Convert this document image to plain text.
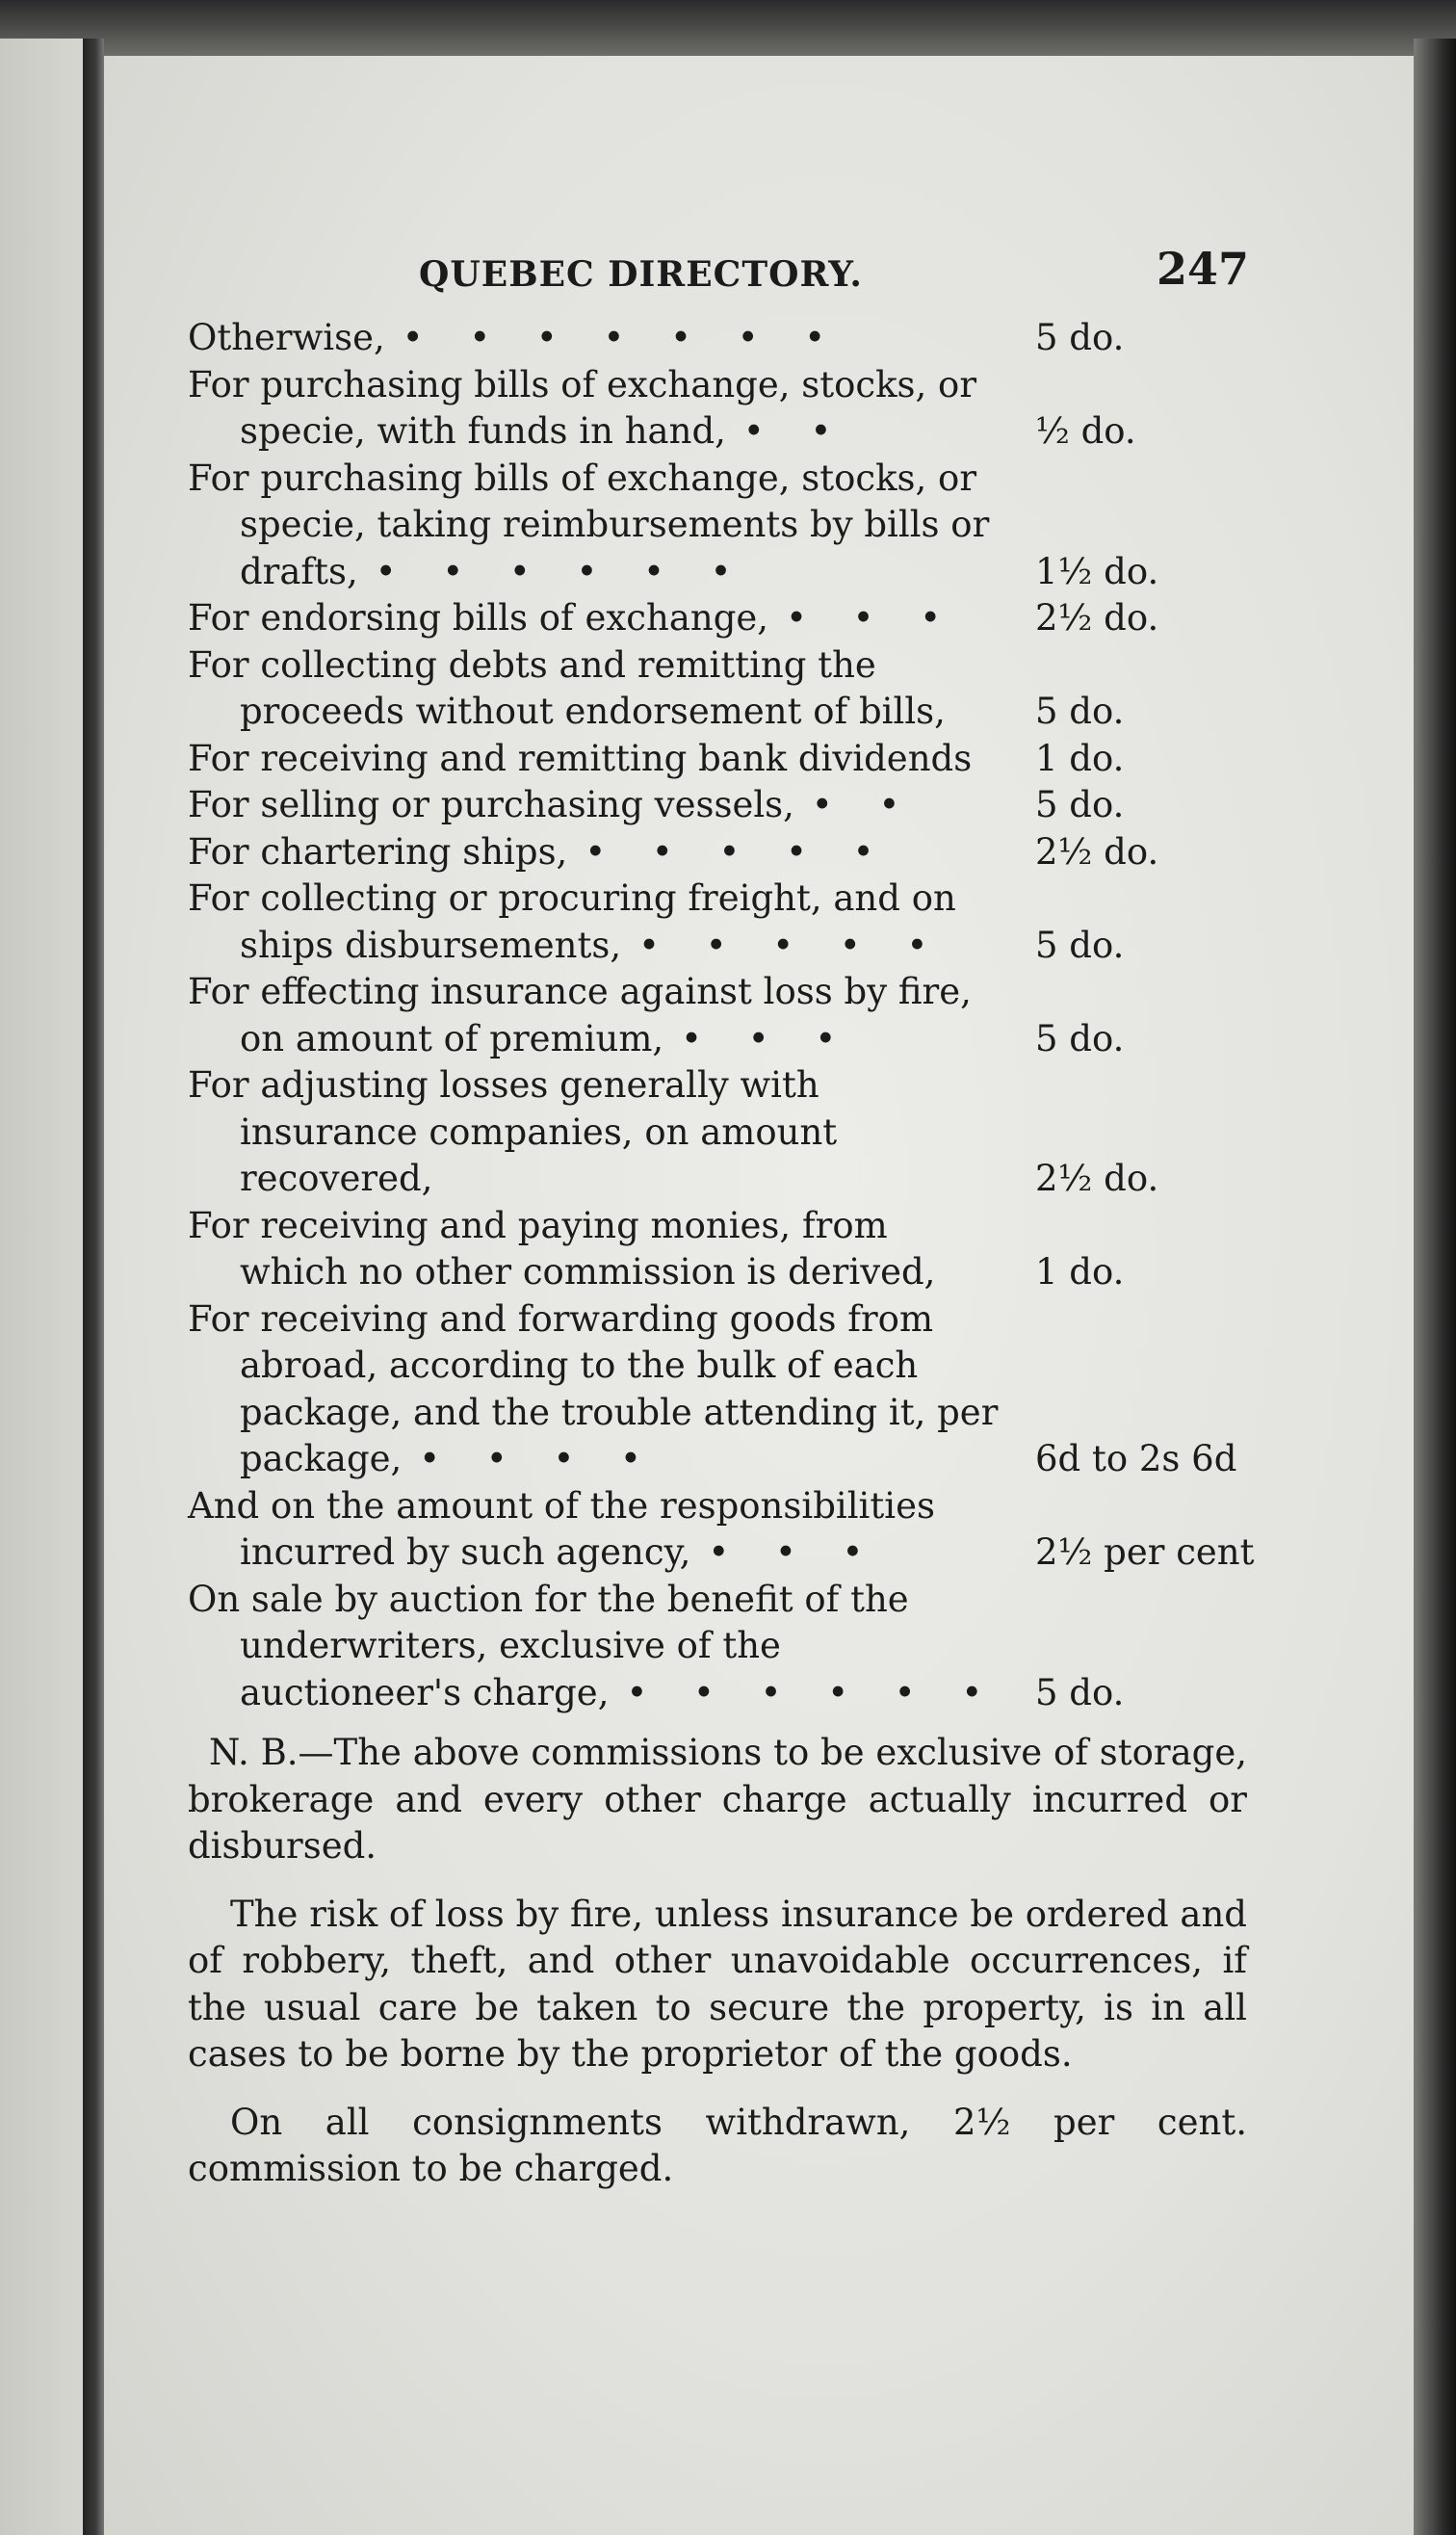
QUEBEC DIRECTORY.	247
Otherwise, • • • • • • •	5 do.
For purchasing bills of exchange, stocks, or specie, with funds in hand, • •	½ do.
For purchasing bills of exchange, stocks, or specie, taking reimbursements by bills or drafts, • • • • • •	1½ do.
For endorsing bills of exchange, • • • 2½ do.
For collecting debts and remitting the proceeds without endorsement of bills,	5 do.
For receiving and remitting bank dividends 1 do.
For selling or purchasing vessels, • •	5 do.
For chartering ships, • • • • •	2½ do.
For collecting or procuring freight, and on ships disbursements, • • • • •	5 do.
For effecting insurance against loss by fire, on amount of premium, • • •	5 do.
For adjusting losses generally with insurance companies, on amount recovered,	2½ do.
For receiving and paying monies, from which no other commission is derived,	1 do.
For receiving and forwarding goods from abroad, according to the bulk of each package, and the trouble attending it, per package, • • • •	6d to 2s 6d
And on the amount of the responsibilities incurred by such agency, • • •	2½ per cent
On sale by auction for the benefit of the underwriters, exclusive of the auctioneer's charge, • • • • • • 5 do.

N. B.—The above commissions to be exclusive of storage, brokerage and every other charge actually incurred or disbursed.

The risk of loss by fire, unless insurance be ordered and of robbery, theft, and other unavoidable occurrences, if the usual care be taken to secure the property, is in all cases to be borne by the proprietor of the goods.

On all consignments withdrawn, 2½ per cent. commission to be charged.
